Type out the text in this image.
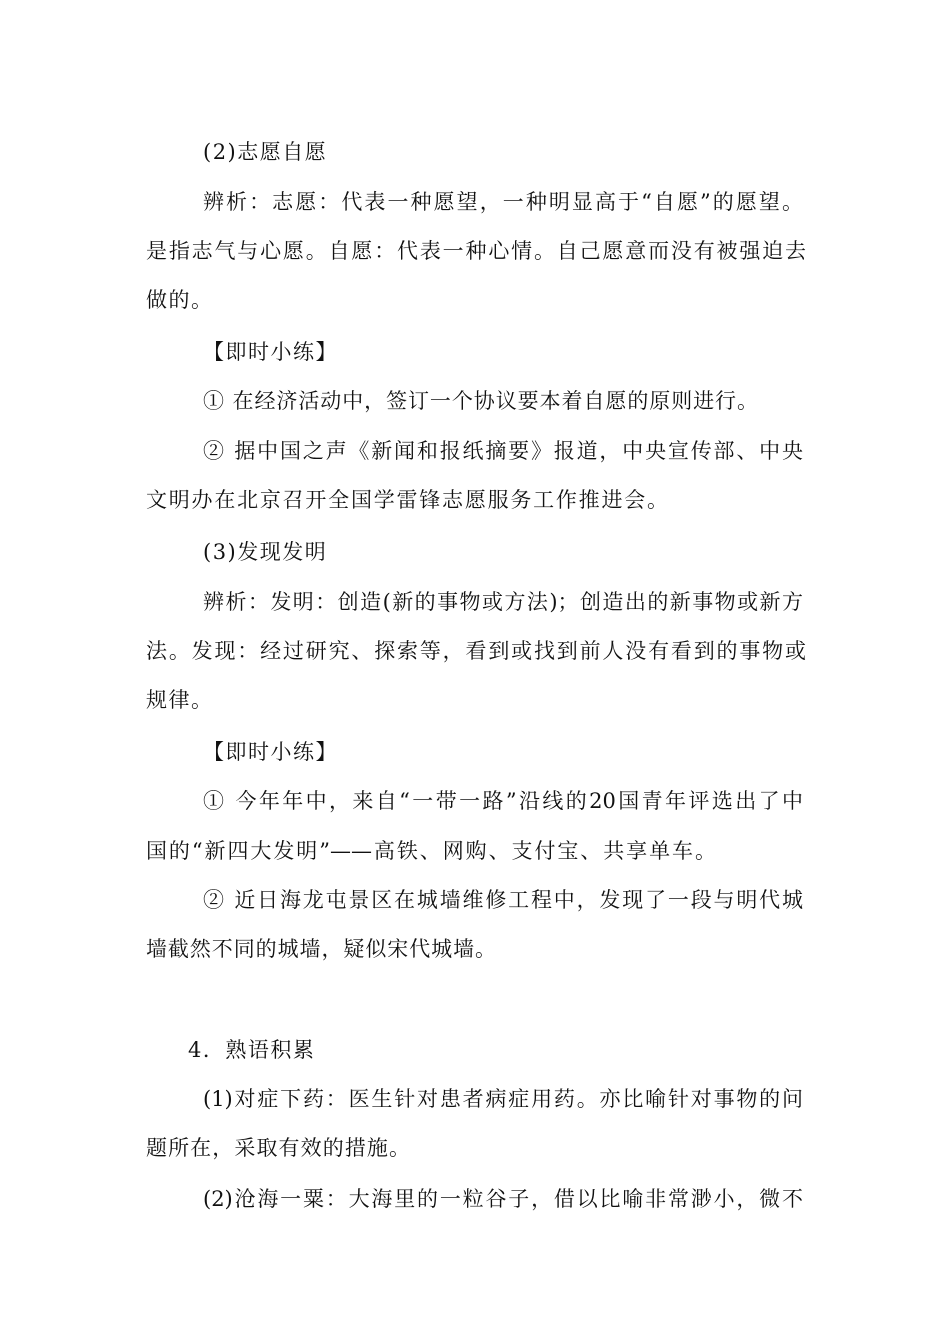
(2)志愿自愿
辨析：志愿：代表一种愿望，一种明显高于“自愿”的愿望。
是指志气与心愿。自愿：代表一种心情。自己愿意而没有被强迫去
做的。
【即时小练】
① 在经济活动中，签订一个协议要本着自愿的原则进行。
② 据中国之声《新闻和报纸摘要》报道，中央宣传部、中央
文明办在北京召开全国学雷锋志愿服务工作推进会。
(3)发现发明
辨析：发明：创造(新的事物或方法)；创造出的新事物或新方
法。发现：经过研究、探索等，看到或找到前人没有看到的事物或
规律。
【即时小练】
① 今年年中，来自“一带一路”沿线的20国青年评选出了中
国的“新四大发明”——高铁、网购、支付宝、共享单车。
② 近日海龙屯景区在城墙维修工程中，发现了一段与明代城
墙截然不同的城墙，疑似宋代城墙。
4．熟语积累
(1)对症下药：医生针对患者病症用药。亦比喻针对事物的问
题所在，采取有效的措施。
(2)沧海一粟：大海里的一粒谷子，借以比喻非常渺小，微不
